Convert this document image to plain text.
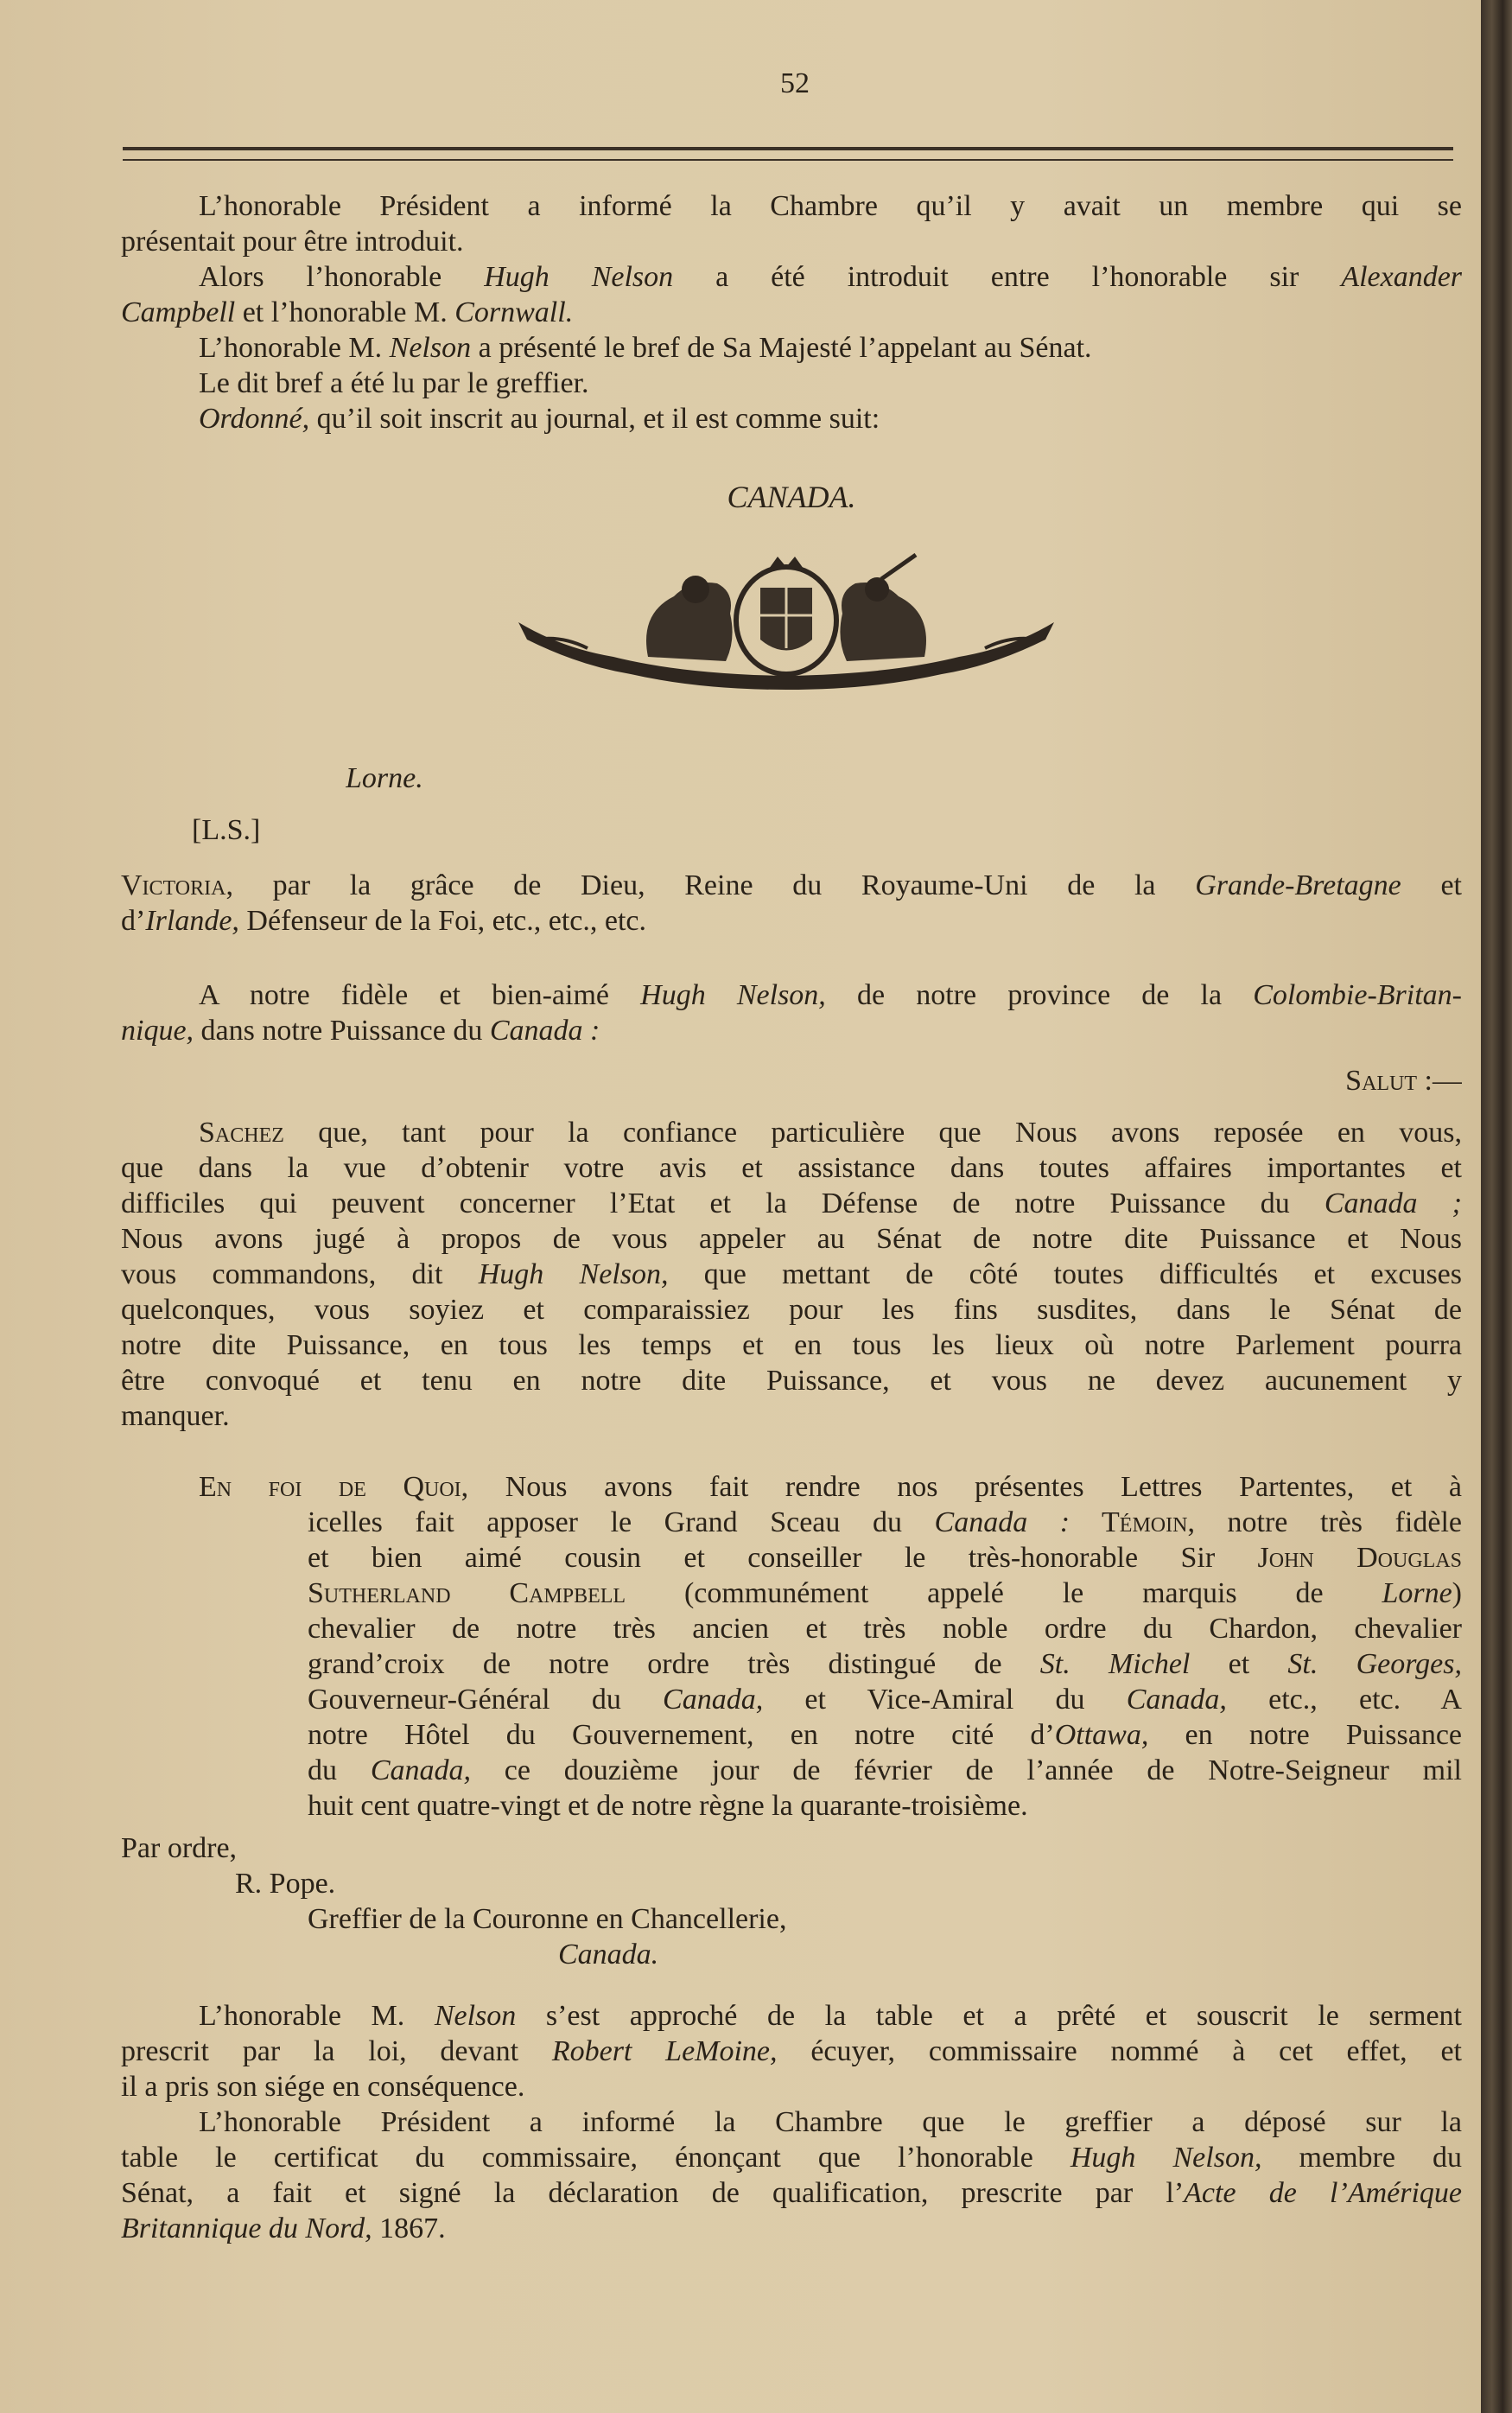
52
L’honorable Président a informé la Chambre qu’il y avait un membre qui se
présentait pour être introduit.
Alors l’honorable Hugh Nelson a été introduit entre l’honorable sir Alexander
Campbell et l’honorable M. Cornwall.
L’honorable M. Nelson a présenté le bref de Sa Majesté l’appelant au Sénat.
Le dit bref a été lu par le greffier.
Ordonné, qu’il soit inscrit au journal, et il est comme suit:
CANADA.
Lorne.
[L.S.]
Victoria, par la grâce de Dieu, Reine du Royaume-Uni de la Grande-Bretagne et
d’Irlande, Défenseur de la Foi, etc., etc., etc.
A notre fidèle et bien-aimé Hugh Nelson, de notre province de la Colombie-Britan-
nique, dans notre Puissance du Canada :
Salut :—
Sachez que, tant pour la confiance particulière que Nous avons reposée en vous,
que dans la vue d’obtenir votre avis et assistance dans toutes affaires importantes et
difficiles qui peuvent concerner l’Etat et la Défense de notre Puissance du Canada ;
Nous avons jugé à propos de vous appeler au Sénat de notre dite Puissance et Nous
vous commandons, dit Hugh Nelson, que mettant de côté toutes difficultés et excuses
quelconques, vous soyiez et comparaissiez pour les fins susdites, dans le Sénat de
notre dite Puissance, en tous les temps et en tous les lieux où notre Parlement pourra
être convoqué et tenu en notre dite Puissance, et vous ne devez aucunement y
manquer.
En foi de Quoi, Nous avons fait rendre nos présentes Lettres Partentes, et à
icelles fait apposer le Grand Sceau du Canada : Témoin, notre très fidèle
et bien aimé cousin et conseiller le très-honorable Sir John Douglas
Sutherland Campbell (communément appelé le marquis de Lorne)
chevalier de notre très ancien et très noble ordre du Chardon, chevalier
grand’croix de notre ordre très distingué de St. Michel et St. Georges,
Gouverneur-Général du Canada, et Vice-Amiral du Canada, etc., etc. A
notre Hôtel du Gouvernement, en notre cité d’Ottawa, en notre Puissance
du Canada, ce douzième jour de février de l’année de Notre-Seigneur mil
huit cent quatre-vingt et de notre règne la quarante-troisième.
Par ordre,
R. Pope.
Greffier de la Couronne en Chancellerie,
Canada.
L’honorable M. Nelson s’est approché de la table et a prêté et souscrit le serment
prescrit par la loi, devant Robert LeMoine, écuyer, commissaire nommé à cet effet, et
il a pris son siége en conséquence.
L’honorable Président a informé la Chambre que le greffier a déposé sur la
table le certificat du commissaire, énonçant que l’honorable Hugh Nelson, membre du
Sénat, a fait et signé la déclaration de qualification, prescrite par l’Acte de l’Amérique
Britannique du Nord, 1867.
